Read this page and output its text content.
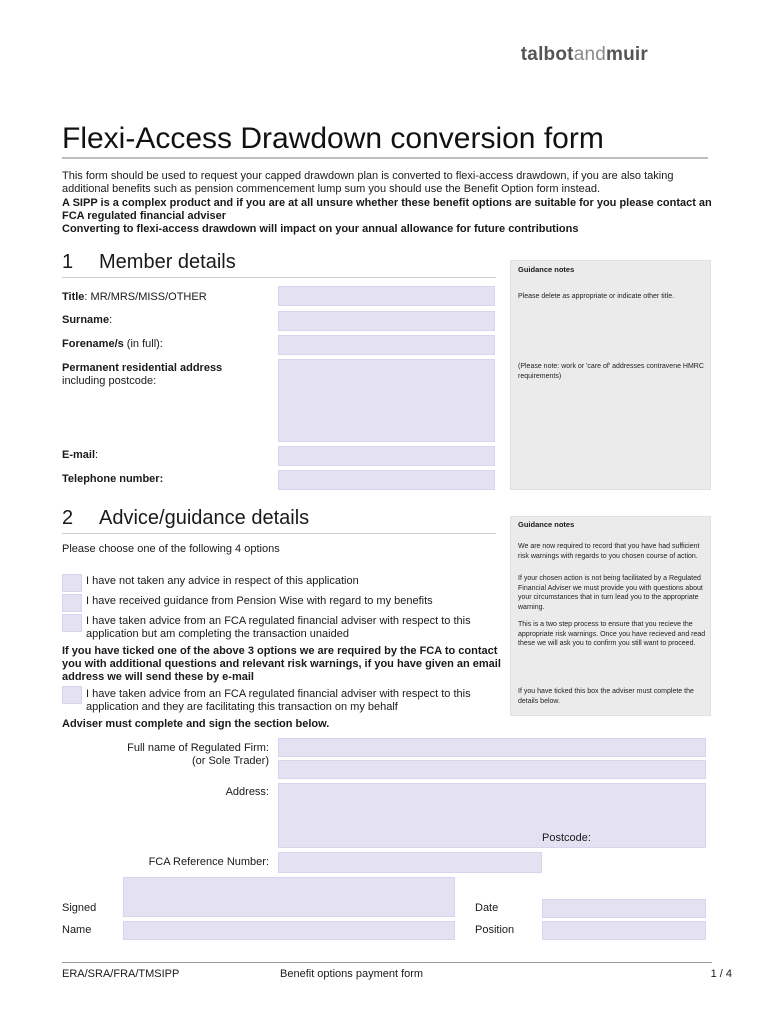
talbotandmuir
Flexi-Access Drawdown conversion form

This form should be used to request your capped drawdown plan is converted to flexi-access drawdown, if you are also taking additional benefits such as pension commencement lump sum you should use the Benefit Option form instead.

A SIPP is a complex product and if you are at all unsure whether these benefit options are suitable for you please contact an FCA regulated financial adviser

Converting to flexi-access drawdown will impact on your annual allowance for future contributions

1 Member details	Guidance notes
Please delete as appropriate or indicate other title.
(Please note: work or 'care of' addresses contravene HMRC requirements)
Title: MR/MRS/MISS/OTHER
Surname:
Forename/s (in full):
Permanent residential address
including postcode:
E-mail:
Telephone number:
2 Advice/guidance details	Guidance notes
We are now required to record that you have had sufficient risk warnings with regards to you chosen course of action.
If your chosen action is not being facilitated by a Regulated Financial Adviser we must provide you with questions about your circumstances that in turn lead you to the appropriate warning.
This is a two step process to ensure that you recieve the appropriate risk warnings. Once you have recieved and read these we will ask you to confirm you still want to proceed.
If you have ticked this box the adviser must complete the details below.
Please choose one of the following 4 options
I have not taken any advice in respect of this application
I have received guidance from Pension Wise with regard to my benefits
I have taken advice from an FCA regulated financial adviser with respect to this application but am completing the transaction unaided
If you have ticked one of the above 3 options we are required by the FCA to contact you with additional questions and relevant risk warnings, if you have given an email address we will send these by e-mail
I have taken advice from an FCA regulated financial adviser with respect to this application and they are facilitating this transaction on my behalf
Adviser must complete and sign the section below.
Full name of Regulated Firm:
(or Sole Trader)
Address:
Postcode:
FCA Reference Number:
Signed
Name
Date
Position
ERA/SRA/FRA/TMSIPP	Benefit options payment form	1 / 4
